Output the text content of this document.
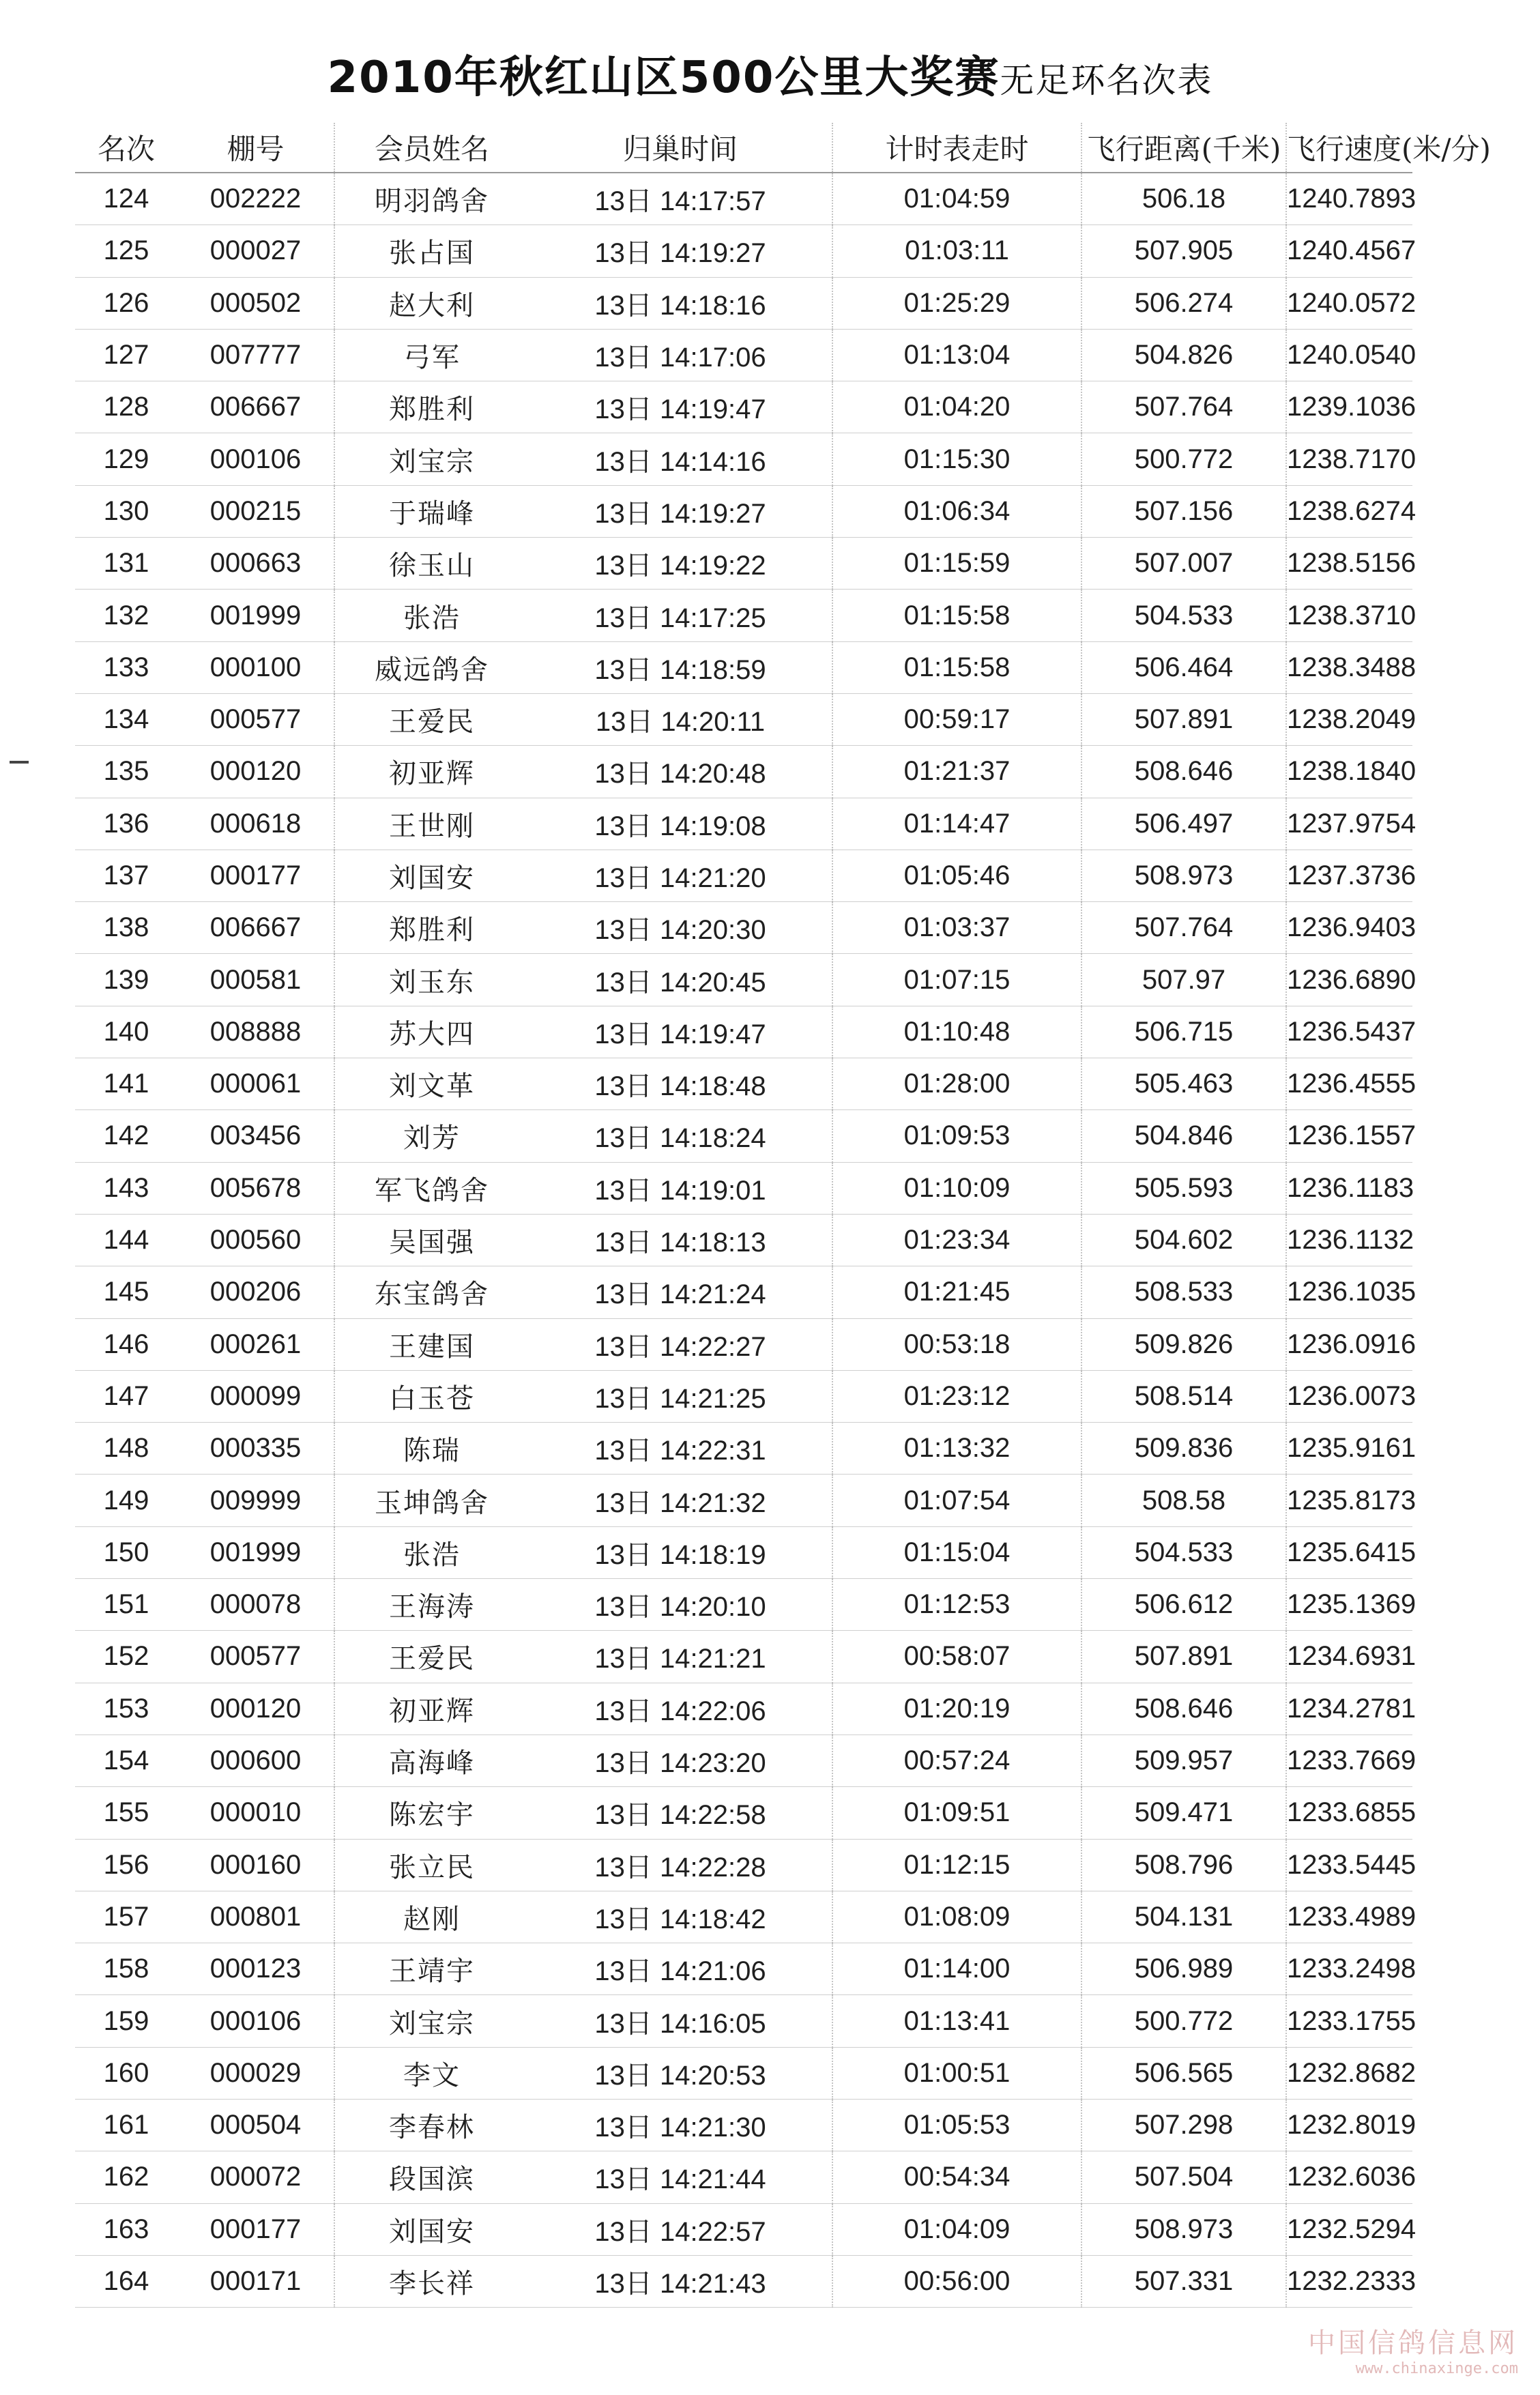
2010年秋红山区500公里大奖赛无足环名次表
名次	棚号	会员姓名	归巢时间	计时表走时	飞行距离(千米)	飞行速度(米/分)
124	002222	明羽鸽舍	13日 14:17:57	01:04:59	506.18	1240.7893
125	000027	张占国	13日 14:19:27	01:03:11	507.905	1240.4567
126	000502	赵大利	13日 14:18:16	01:25:29	506.274	1240.0572
127	007777	弓军	13日 14:17:06	01:13:04	504.826	1240.0540
128	006667	郑胜利	13日 14:19:47	01:04:20	507.764	1239.1036
129	000106	刘宝宗	13日 14:14:16	01:15:30	500.772	1238.7170
130	000215	于瑞峰	13日 14:19:27	01:06:34	507.156	1238.6274
131	000663	徐玉山	13日 14:19:22	01:15:59	507.007	1238.5156
132	001999	张浩	13日 14:17:25	01:15:58	504.533	1238.3710
133	000100	威远鸽舍	13日 14:18:59	01:15:58	506.464	1238.3488
134	000577	王爱民	13日 14:20:11	00:59:17	507.891	1238.2049
135	000120	初亚辉	13日 14:20:48	01:21:37	508.646	1238.1840
136	000618	王世刚	13日 14:19:08	01:14:47	506.497	1237.9754
137	000177	刘国安	13日 14:21:20	01:05:46	508.973	1237.3736
138	006667	郑胜利	13日 14:20:30	01:03:37	507.764	1236.9403
139	000581	刘玉东	13日 14:20:45	01:07:15	507.97	1236.6890
140	008888	苏大四	13日 14:19:47	01:10:48	506.715	1236.5437
141	000061	刘文革	13日 14:18:48	01:28:00	505.463	1236.4555
142	003456	刘芳	13日 14:18:24	01:09:53	504.846	1236.1557
143	005678	军飞鸽舍	13日 14:19:01	01:10:09	505.593	1236.1183
144	000560	吴国强	13日 14:18:13	01:23:34	504.602	1236.1132
145	000206	东宝鸽舍	13日 14:21:24	01:21:45	508.533	1236.1035
146	000261	王建国	13日 14:22:27	00:53:18	509.826	1236.0916
147	000099	白玉苍	13日 14:21:25	01:23:12	508.514	1236.0073
148	000335	陈瑞	13日 14:22:31	01:13:32	509.836	1235.9161
149	009999	玉坤鸽舍	13日 14:21:32	01:07:54	508.58	1235.8173
150	001999	张浩	13日 14:18:19	01:15:04	504.533	1235.6415
151	000078	王海涛	13日 14:20:10	01:12:53	506.612	1235.1369
152	000577	王爱民	13日 14:21:21	00:58:07	507.891	1234.6931
153	000120	初亚辉	13日 14:22:06	01:20:19	508.646	1234.2781
154	000600	高海峰	13日 14:23:20	00:57:24	509.957	1233.7669
155	000010	陈宏宇	13日 14:22:58	01:09:51	509.471	1233.6855
156	000160	张立民	13日 14:22:28	01:12:15	508.796	1233.5445
157	000801	赵刚	13日 14:18:42	01:08:09	504.131	1233.4989
158	000123	王靖宇	13日 14:21:06	01:14:00	506.989	1233.2498
159	000106	刘宝宗	13日 14:16:05	01:13:41	500.772	1233.1755
160	000029	李文	13日 14:20:53	01:00:51	506.565	1232.8682
161	000504	李春林	13日 14:21:30	01:05:53	507.298	1232.8019
162	000072	段国滨	13日 14:21:44	00:54:34	507.504	1232.6036
163	000177	刘国安	13日 14:22:57	01:04:09	508.973	1232.5294
164	000171	李长祥	13日 14:21:43	00:56:00	507.331	1232.2333
中国信鸽信息网
www.chinaxinge.com
